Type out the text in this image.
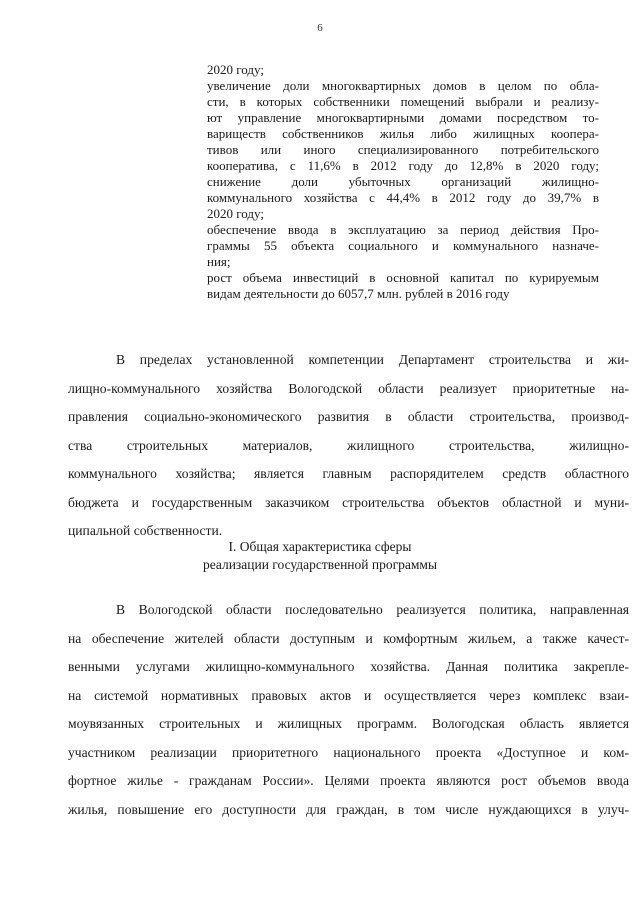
6
2020 году;
увеличение доли многоквартирных домов в целом по обла-
сти, в которых собственники помещений выбрали и реализу-
ют управление многоквартирными домами посредством то-
вариществ собственников жилья либо жилищных коопера-
тивов или иного специализированного потребительского
кооператива, с 11,6% в 2012 году до 12,8% в 2020 году;
снижение доли убыточных организаций жилищно-
коммунального хозяйства с 44,4% в 2012 году до 39,7% в
2020 году;
обеспечение ввода в эксплуатацию за период действия Про-
граммы 55 объекта социального и коммунального назначе-
ния;
рост объема инвестиций в основной капитал по курируемым
видам деятельности до 6057,7 млн. рублей в 2016 году
В пределах установленной компетенции Департамент строительства и жи-
лищно-коммунального хозяйства Вологодской области реализует приоритетные на-
правления социально-экономического развития в области строительства, производ-
ства строительных материалов, жилищного строительства, жилищно-
коммунального хозяйства; является главным распорядителем средств областного
бюджета и государственным заказчиком строительства объектов областной и муни-
ципальной собственности.
I. Общая характеристика сферы
реализации государственной программы
В Вологодской области последовательно реализуется политика, направленная
на обеспечение жителей области доступным и комфортным жильем, а также качест-
венными услугами жилищно-коммунального хозяйства. Данная политика закрепле-
на системой нормативных правовых актов и осуществляется через комплекс взаи-
моувязанных строительных и жилищных программ. Вологодская область является
участником реализации приоритетного национального проекта «Доступное и ком-
фортное жилье - гражданам России». Целями проекта являются рост объемов ввода
жилья, повышение его доступности для граждан, в том числе нуждающихся в улуч-
